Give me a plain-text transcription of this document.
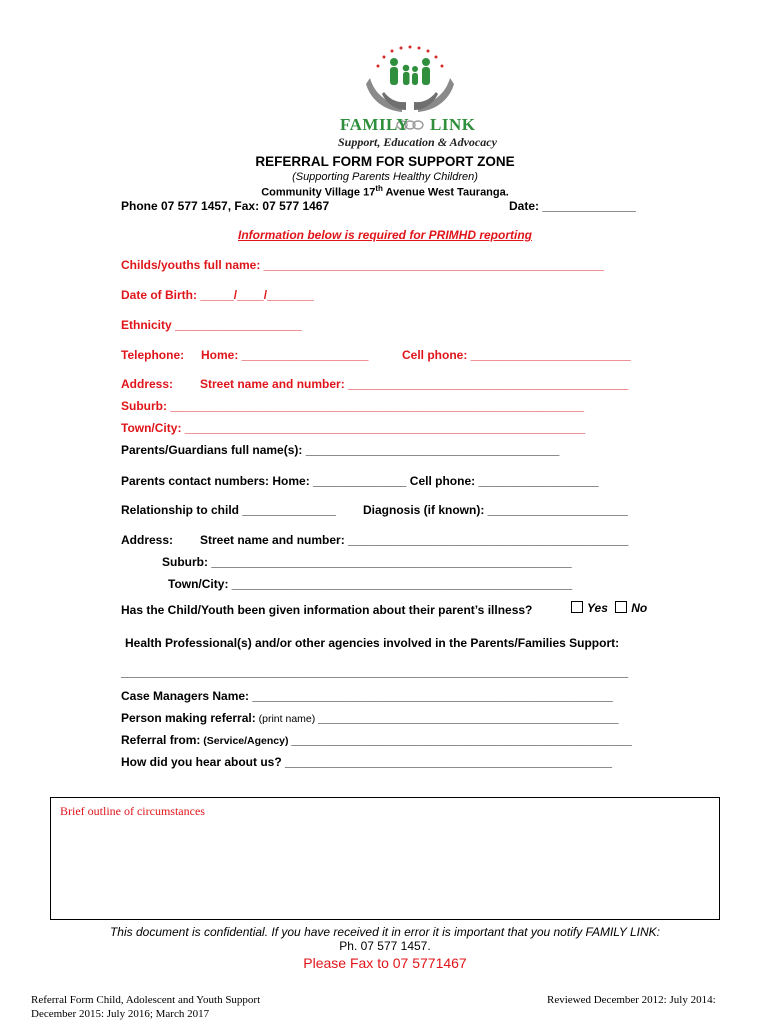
FAMILY LINK
Support, Education & Advocacy
REFERRAL FORM FOR SUPPORT ZONE
(Supporting Parents Healthy Children)
Community Village 17th Avenue West Tauranga.
Phone 07 577 1457, Fax: 07 577 1467	Date: ______________
Information below is required for PRIMHD reporting
Childs/youths full name: ___________________________________________________
Date of Birth: _____/____/_______
Ethnicity ___________________
Telephone: Home: ___________________	Cell phone: ________________________
Address: Street name and number: __________________________________________
Suburb: ______________________________________________________________
Town/City: ____________________________________________________________
Parents/Guardians full name(s): ______________________________________
Parents contact numbers: Home: ______________ Cell phone: __________________
Relationship to child ______________ Diagnosis (if known): _____________________
Address: Street name and number: __________________________________________
Suburb: ______________________________________________________
Town/City: ___________________________________________________
Has the Child/Youth been given information about their parent’s illness?	Yes No
Health Professional(s) and/or other agencies involved in the Parents/Families Support:
____________________________________________________________________________
Case Managers Name: ______________________________________________________
Person making referral: (print name) _____________________________________________
Referral from: (Service/Agency) ___________________________________________________
How did you hear about us? _________________________________________________
Brief outline of circumstances
This document is confidential. If you have received it in error it is important that you notify FAMILY LINK:
Ph. 07 577 1457.
Please Fax to 07 5771467
Referral Form Child, Adolescent and Youth Support
December 2015: July 2016; March 2017
Reviewed December 2012: July 2014:
